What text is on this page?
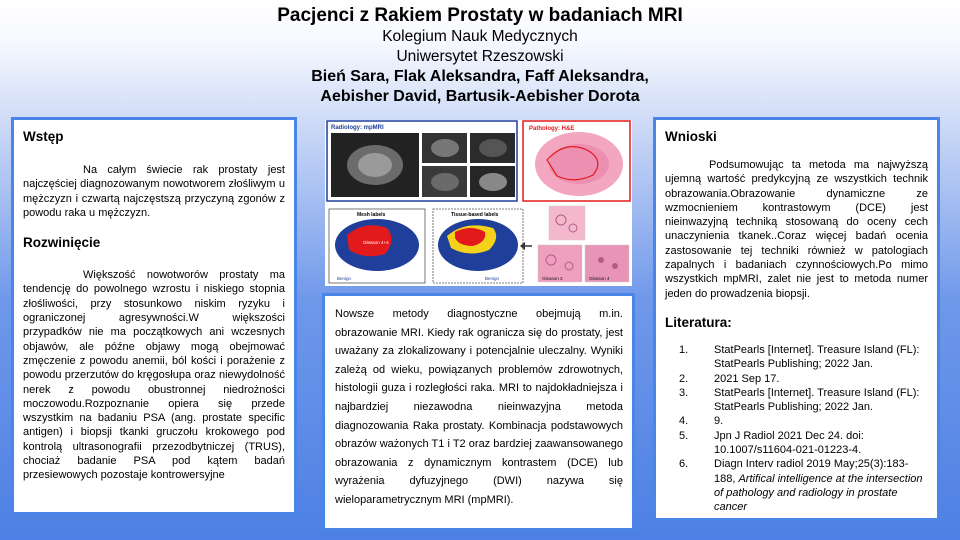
Pacjenci z Rakiem Prostaty w badaniach MRI
Kolegium Nauk Medycznych
Uniwersytet Rzeszowski
Bień Sara, Flak Aleksandra, Faff Aleksandra,
Aebisher David, Bartusik-Aebisher Dorota
Wstęp

Na całym świecie rak prostaty jest najczęściej diagnozowanym nowotworem złośliwym u mężczyzn i czwartą najczęstszą przyczyną zgonów z powodu raka u mężczyzn.

Rozwinięcie

Większość nowotworów prostaty ma tendencję do powolnego wzrostu i niskiego stopnia złośliwości, przy stosunkowo niskim ryzyku i ograniczonej agresywności.W większości przypadków nie ma początkowych ani wczesnych objawów, ale późne objawy mogą obejmować zmęczenie z powodu anemii, ból kości i porażenie z powodu przerzutów do kręgosłupa oraz niewydolność nerek z powodu obustronnej niedrożności moczowodu.Rozpoznanie opiera się przede wszystkim na badaniu PSA (ang. prostate specific antigen) i biopsji tkanki gruczołu krokowego pod kontrolą ultrasonografii przezodbytniczej (TRUS), chociaż badanie PSA pod kątem badań przesiewowych pozostaje kontrowersyjne

Radiology: mpMRI	Pathology: H&E
Mesh labels
Gleason 4+4
Benign
Tissue-based labels
Benign	Gleason 3	Gleason 4

Nowsze metody diagnostyczne obejmują m.in. obrazowanie MRI. Kiedy rak ogranicza się do prostaty, jest uważany za zlokalizowany i potencjalnie uleczalny. Wyniki zależą od wieku, powiązanych problemów zdrowotnych, histologii guza i rozległości raka. MRI to najdokładniejsza i najbardziej niezawodna nieinwazyjna metoda diagnozowania Raka prostaty. Kombinacja podstawowych obrazów ważonych T1 i T2 oraz bardziej zaawansowanego obrazowania z dynamicznym kontrastem (DCE) lub wyrażenia dyfuzyjnego (DWI) nazywa się wieloparametrycznym MRI (mpMRI).

Wnioski

Podsumowując ta metoda ma najwyższą ujemną wartość predykcyjną ze wszystkich technik obrazowania.Obrazowanie dynamiczne ze wzmocnieniem kontrastowym (DCE) jest nieinwazyjną techniką stosowaną do oceny cech unaczynienia tkanek..Coraz więcej badań ocenia zastosowanie tej techniki również w patologiach zapalnych i badaniach czynnościowych.Po mimo wszystkich mpMRI, zalet nie jest to metoda numer jeden do prowadzenia biopsji.

Literatura:
1. StatPearls [Internet]. Treasure Island (FL): StatPearls Publishing; 2022 Jan.
2. 2021 Sep 17.
3. StatPearls [Internet]. Treasure Island (FL): StatPearls Publishing; 2022 Jan.
4. 9.
5. Jpn J Radiol 2021 Dec 24. doi: 10.1007/s11604-021-01223-4.
6. Diagn Interv radiol 2019 May;25(3):183-188, Artifical intelligence at the intersection of pathology and radiology in prostate cancer
